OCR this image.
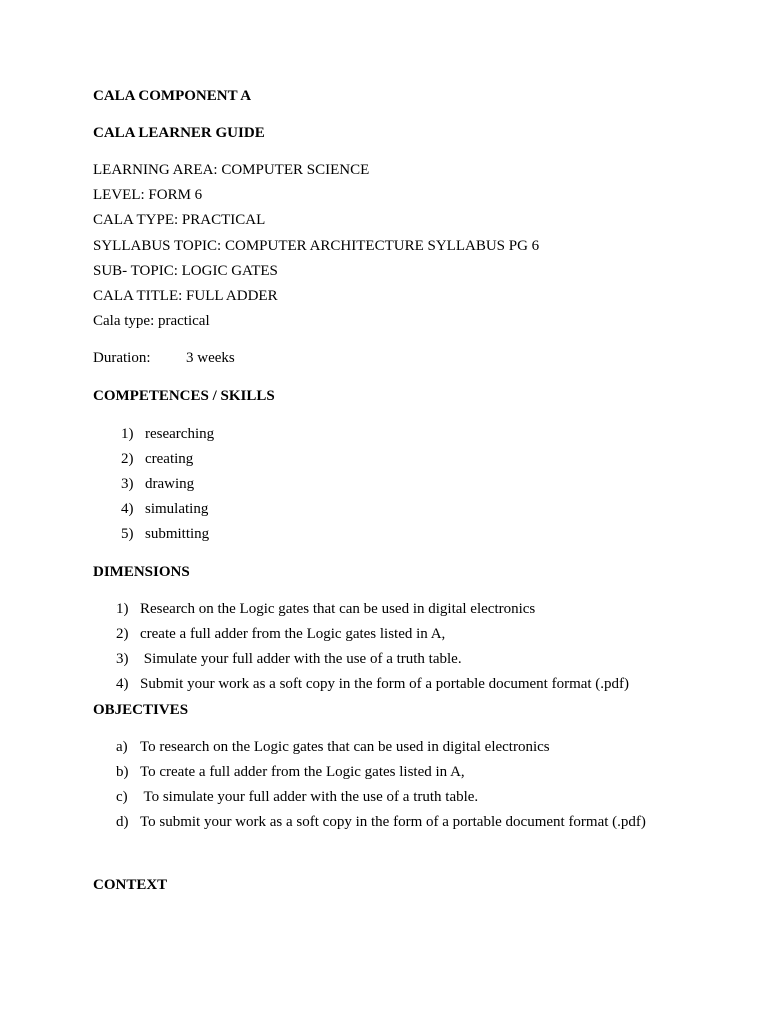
CALA COMPONENT A
CALA LEARNER GUIDE
LEARNING AREA: COMPUTER SCIENCE
LEVEL: FORM 6
CALA TYPE: PRACTICAL
SYLLABUS TOPIC: COMPUTER ARCHITECTURE SYLLABUS PG 6
SUB- TOPIC: LOGIC GATES
CALA TITLE: FULL ADDER
Cala type: practical
Duration: 3 weeks
COMPETENCES / SKILLS
1) researching
2) creating
3) drawing
4) simulating
5) submitting
DIMENSIONS
1) Research on the Logic gates that can be used in digital electronics
2) create a full adder from the Logic gates listed in A,
3) Simulate your full adder with the use of a truth table.
4) Submit your work as a soft copy in the form of a portable document format (.pdf)
OBJECTIVES
a) To research on the Logic gates that can be used in digital electronics
b) To create a full adder from the Logic gates listed in A,
c) To simulate your full adder with the use of a truth table.
d) To submit your work as a soft copy in the form of a portable document format (.pdf)
CONTEXT
